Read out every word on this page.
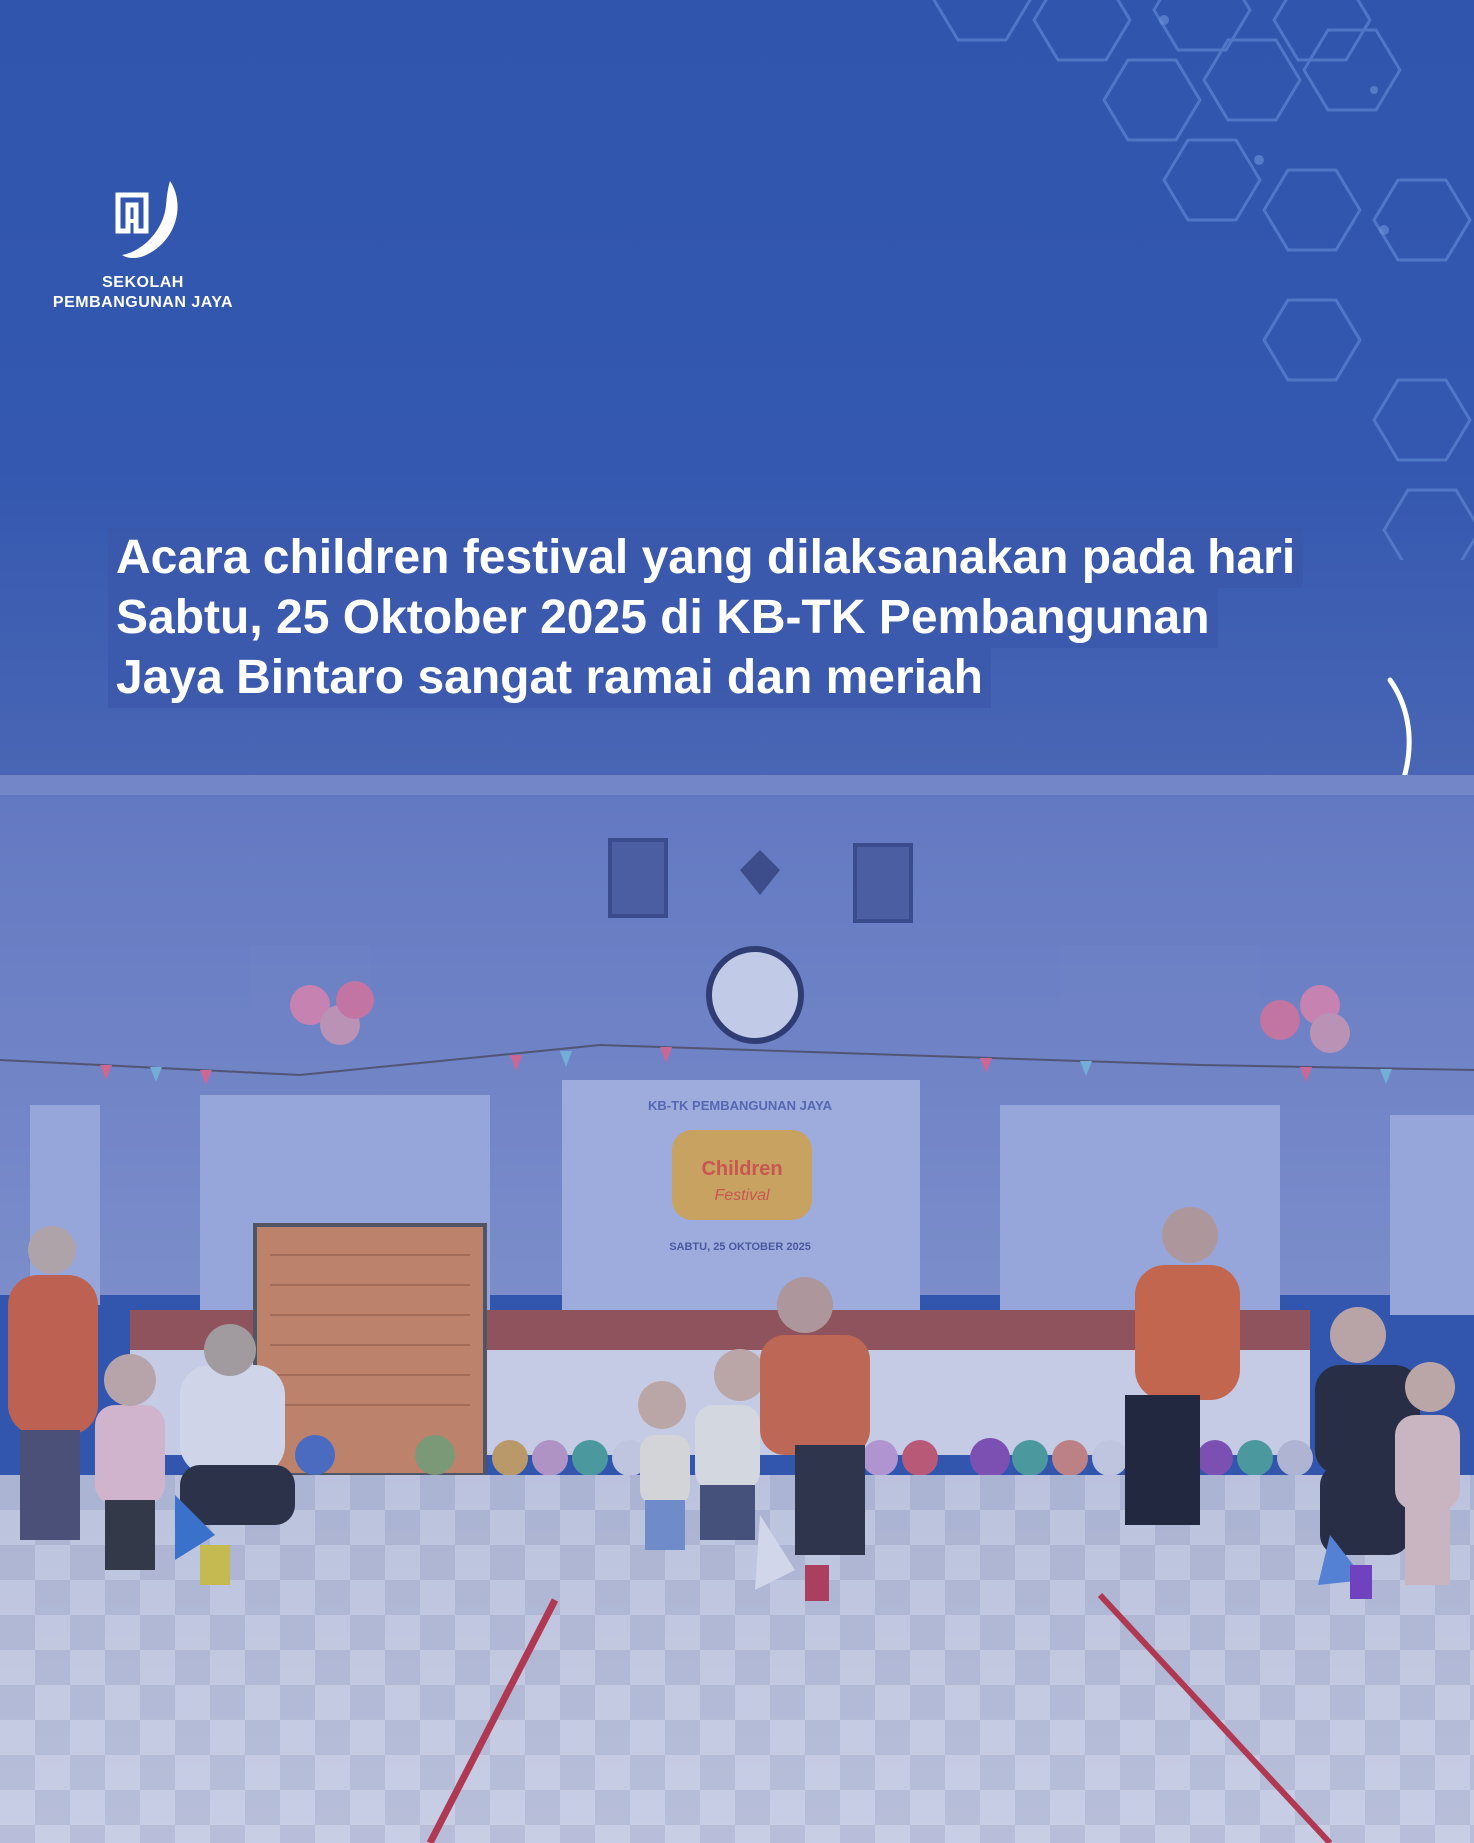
SEKOLAH
PEMBANGUNAN JAYA
Acara children festival yang dilaksanakan pada hari
Sabtu, 25 Oktober 2025 di KB-TK Pembangunan
Jaya Bintaro sangat ramai dan meriah
Children
Festival
KB-TK PEMBANGUNAN JAYA
SABTU, 25 OKTOBER 2025
